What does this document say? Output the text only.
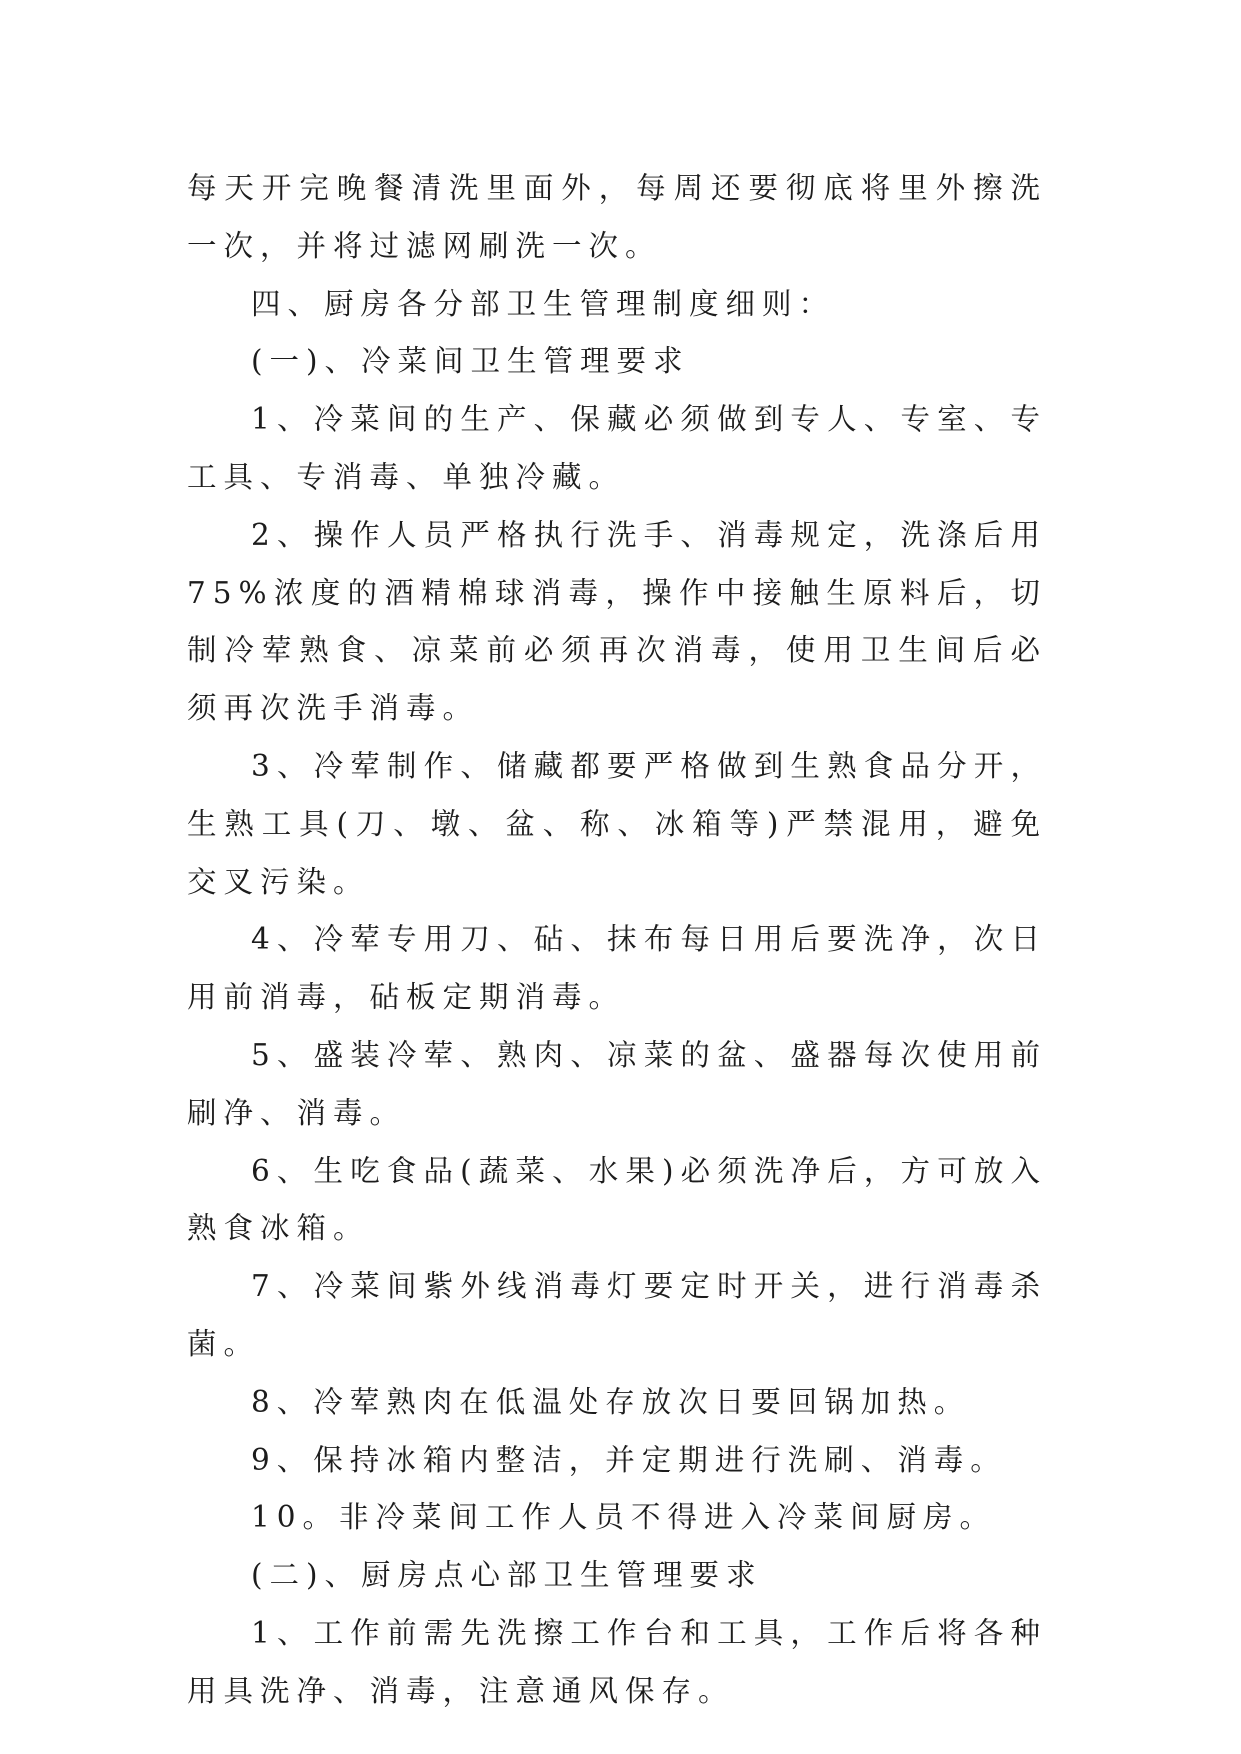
每天开完晚餐清洗里面外，每周还要彻底将里外擦洗一次，并将过滤网刷洗一次。

四、厨房各分部卫生管理制度细则：

(一)、冷菜间卫生管理要求

1、冷菜间的生产、保藏必须做到专人、专室、专工具、专消毒、单独冷藏。

2、操作人员严格执行洗手、消毒规定，洗涤后用75%浓度的酒精棉球消毒，操作中接触生原料后，切制冷荤熟食、凉菜前必须再次消毒，使用卫生间后必须再次洗手消毒。

3、冷荤制作、储藏都要严格做到生熟食品分开，生熟工具(刀、墩、盆、称、冰箱等)严禁混用，避免交叉污染。

4、冷荤专用刀、砧、抹布每日用后要洗净，次日用前消毒，砧板定期消毒。

5、盛装冷荤、熟肉、凉菜的盆、盛器每次使用前刷净、消毒。

6、生吃食品(蔬菜、水果)必须洗净后，方可放入熟食冰箱。

7、冷菜间紫外线消毒灯要定时开关，进行消毒杀菌。

8、冷荤熟肉在低温处存放次日要回锅加热。

9、保持冰箱内整洁，并定期进行洗刷、消毒。

10。非冷菜间工作人员不得进入冷菜间厨房。

(二)、厨房点心部卫生管理要求

1、工作前需先洗擦工作台和工具，工作后将各种用具洗净、消毒，注意通风保存。
